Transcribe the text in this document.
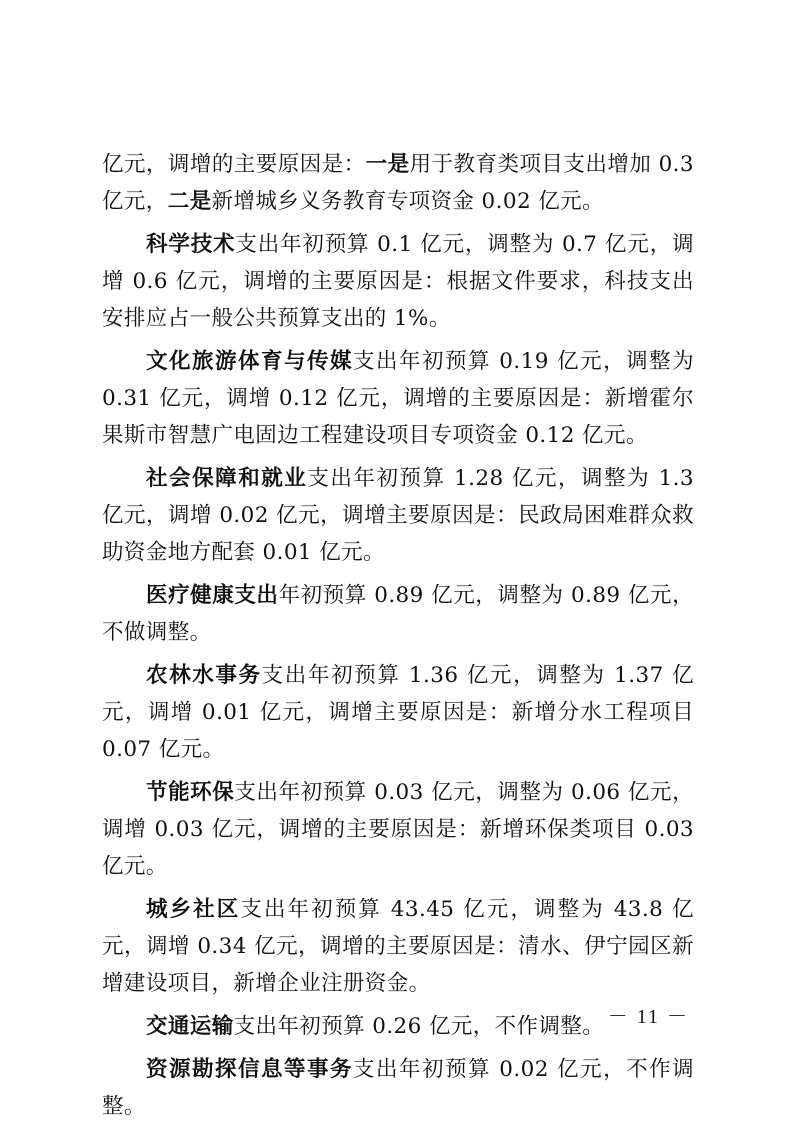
亿元，调增的主要原因是：一是用于教育类项目支出增加 0.3 亿元，二是新增城乡义务教育专项资金 0.02 亿元。

科学技术支出年初预算 0.1 亿元，调整为 0.7 亿元，调增 0.6 亿元，调增的主要原因是：根据文件要求，科技支出安排应占一般公共预算支出的 1%。

文化旅游体育与传媒支出年初预算 0.19 亿元，调整为 0.31 亿元，调增 0.12 亿元，调增的主要原因是：新增霍尔果斯市智慧广电固边工程建设项目专项资金 0.12 亿元。

社会保障和就业支出年初预算 1.28 亿元，调整为 1.3 亿元，调增 0.02 亿元，调增主要原因是：民政局困难群众救助资金地方配套 0.01 亿元。

医疗健康支出年初预算 0.89 亿元，调整为 0.89 亿元，不做调整。

农林水事务支出年初预算 1.36 亿元，调整为 1.37 亿元，调增 0.01 亿元，调增主要原因是：新增分水工程项目 0.07 亿元。

节能环保支出年初预算 0.03 亿元，调整为 0.06 亿元，调增 0.03 亿元，调增的主要原因是：新增环保类项目 0.03 亿元。

城乡社区支出年初预算 43.45 亿元，调整为 43.8 亿元，调增 0.34 亿元，调增的主要原因是：清水、伊宁园区新增建设项目，新增企业注册资金。

交通运输支出年初预算 0.26 亿元，不作调整。

资源勘探信息等事务支出年初预算 0.02 亿元，不作调整。

－ 11 －
